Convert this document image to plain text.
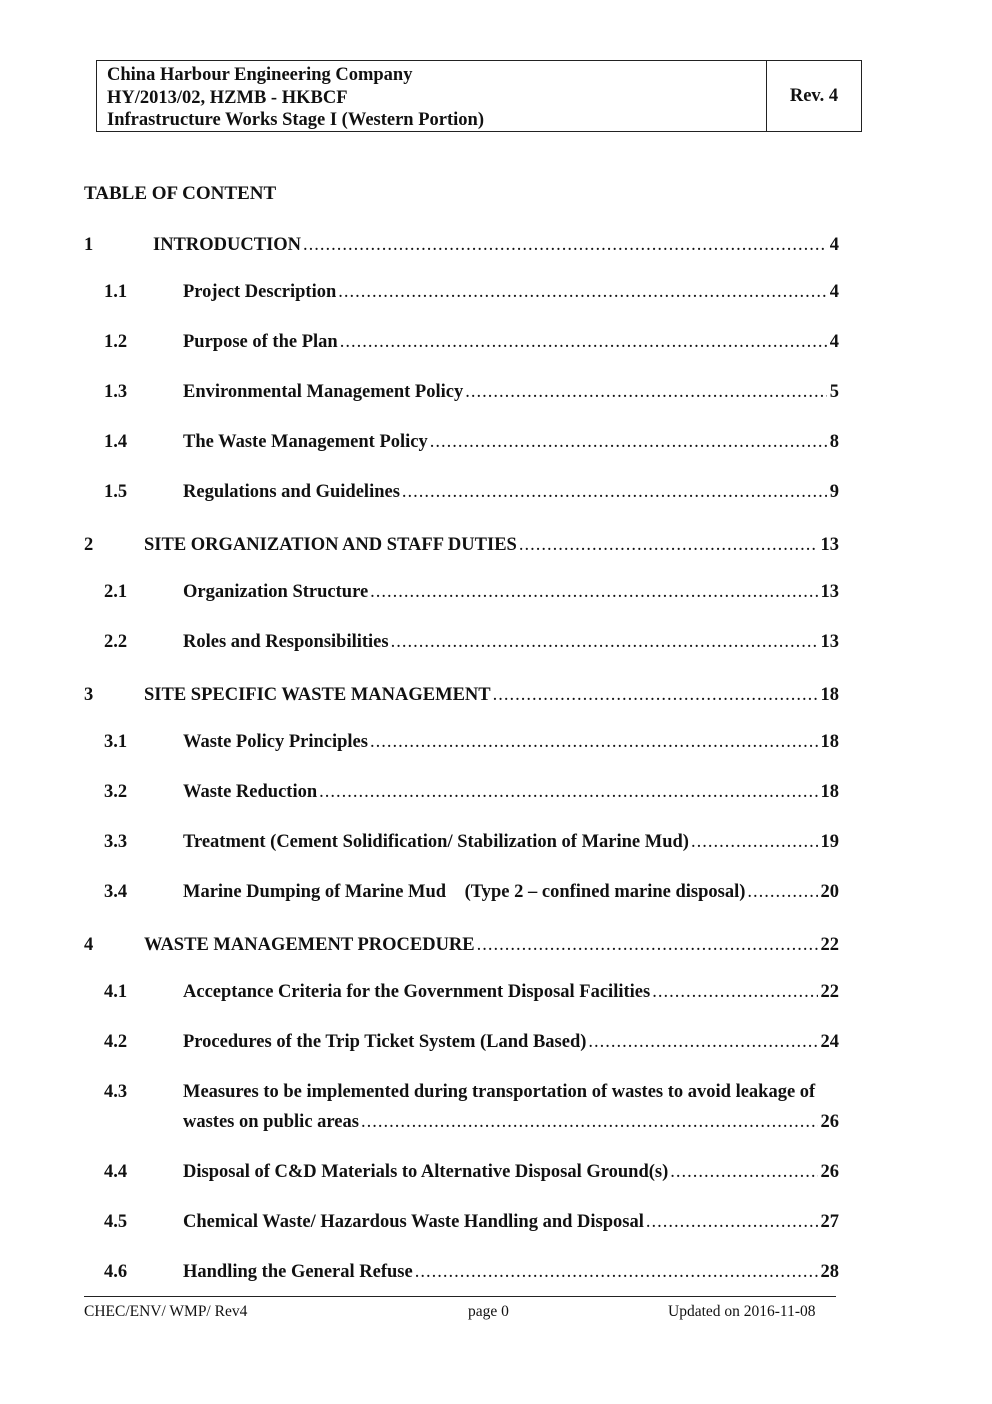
China Harbour Engineering Company
HY/2013/02, HZMB - HKBCF
Infrastructure Works Stage I (Western Portion)
Rev. 4
TABLE OF CONTENT
1	INTRODUCTION .....	4
1.1	Project Description .....	4
1.2	Purpose of the Plan .....	4
1.3	Environmental Management Policy .....	5
1.4	The Waste Management Policy .....	8
1.5	Regulations and Guidelines .....	9
2	SITE ORGANIZATION AND STAFF DUTIES .....	13
2.1	Organization Structure .....	13
2.2	Roles and Responsibilities .....	13
3	SITE SPECIFIC WASTE MANAGEMENT .....	18
3.1	Waste Policy Principles .....	18
3.2	Waste Reduction .....	18
3.3	Treatment (Cement Solidification/ Stabilization of Marine Mud) .....	19
3.4	Marine Dumping of Marine Mud    (Type 2 – confined marine disposal) .....	20
4	WASTE MANAGEMENT PROCEDURE .....	22
4.1	Acceptance Criteria for the Government Disposal Facilities .....	22
4.2	Procedures of the Trip Ticket System (Land Based) .....	24
4.3	Measures to be implemented during transportation of wastes to avoid leakage of
wastes on public areas .....	26
4.4	Disposal of C&D Materials to Alternative Disposal Ground(s) .....	26
4.5	Chemical Waste/ Hazardous Waste Handling and Disposal .....	27
4.6	Handling the General Refuse .....	28
CHEC/ENV/ WMP/ Rev4	page 0	Updated on 2016-11-08
